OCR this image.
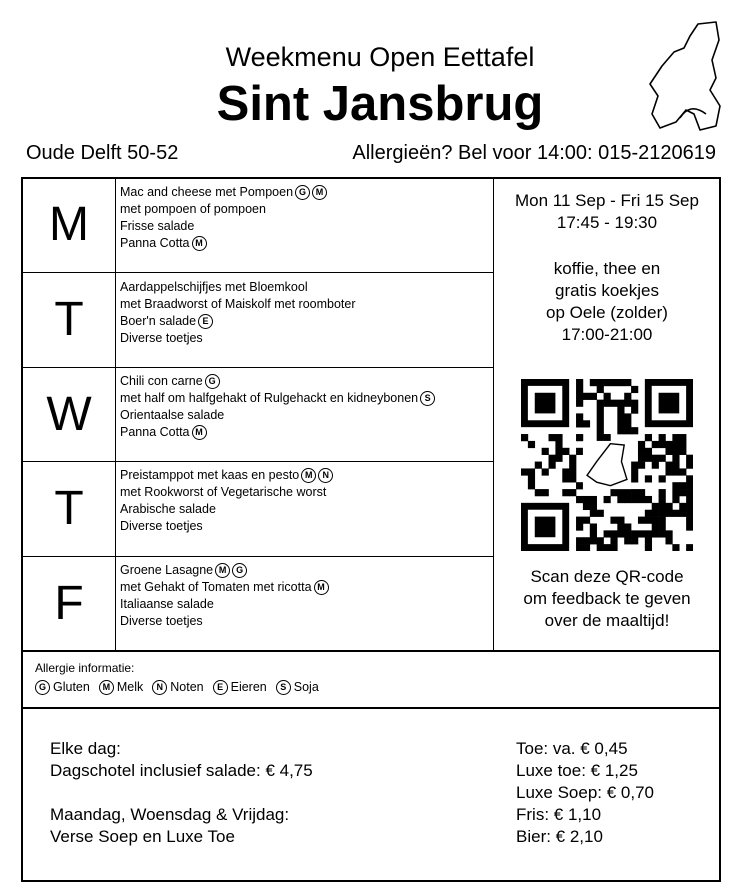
Weekmenu Open Eettafel
Sint Jansbrug
Oude Delft 50-52	Allergieën? Bel voor 14:00: 015-2120619
M
T
W
T
F
Mac and cheese met Pompoen G M
met pompoen of pompoen
Frisse salade
Panna Cotta M
Aardappelschijfjes met Bloemkool
met Braadworst of Maiskolf met roomboter
Boer'n salade E
Diverse toetjes
Chili con carne G
met half om halfgehakt of Rulgehackt en kidneybonen S
Orientaalse salade
Panna Cotta M
Preistamppot met kaas en pesto M N
met Rookworst of Vegetarische worst
Arabische salade
Diverse toetjes
Groene Lasagne M G
met Gehakt of Tomaten met ricotta M
Italiaanse salade
Diverse toetjes
Mon 11 Sep - Fri 15 Sep
17:45 - 19:30
koffie, thee en
gratis koekjes
op Oele (zolder)
17:00-21:00
Scan deze QR-code
om feedback te geven
over de maaltijd!
Allergie informatie:
G Gluten M Melk N Noten E Eieren S Soja
Elke dag:
Dagschotel inclusief salade: € 4,75
Maandag, Woensdag & Vrijdag:
Verse Soep en Luxe Toe
Toe: va. € 0,45
Luxe toe: € 1,25
Luxe Soep: € 0,70
Fris: € 1,10
Bier: € 2,10
